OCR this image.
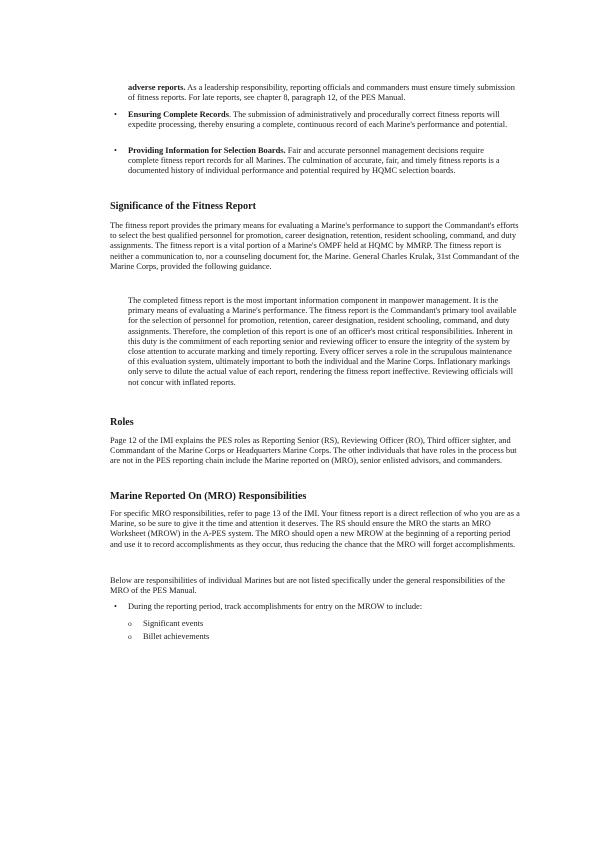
adverse reports. As a leadership responsibility, reporting officials and commanders must ensure timely submission of fitness reports. For late reports, see chapter 8, paragraph 12, of the PES Manual.

• Ensuring Complete Records. The submission of administratively and procedurally correct fitness reports will expedite processing, thereby ensuring a complete, continuous record of each Marine's performance and potential.

• Providing Information for Selection Boards. Fair and accurate personnel management decisions require complete fitness report records for all Marines. The culmination of accurate, fair, and timely fitness reports is a documented history of individual performance and potential required by HQMC selection boards.

Significance of the Fitness Report

The fitness report provides the primary means for evaluating a Marine's performance to support the Commandant's efforts to select the best qualified personnel for promotion, career designation, retention, resident schooling, command, and duty assignments. The fitness report is a vital portion of a Marine's OMPF held at HQMC by MMRP. The fitness report is neither a communication to, nor a counseling document for, the Marine. General Charles Krulak, 31st Commandant of the Marine Corps, provided the following guidance.

The completed fitness report is the most important information component in manpower management. It is the primary means of evaluating a Marine's performance. The fitness report is the Commandant's primary tool available for the selection of personnel for promotion, retention, career designation, resident schooling, command, and duty assignments. Therefore, the completion of this report is one of an officer's most critical responsibilities. Inherent in this duty is the commitment of each reporting senior and reviewing officer to ensure the integrity of the system by close attention to accurate marking and timely reporting. Every officer serves a role in the scrupulous maintenance of this evaluation system, ultimately important to both the individual and the Marine Corps. Inflationary markings only serve to dilute the actual value of each report, rendering the fitness report ineffective. Reviewing officials will not concur with inflated reports.

Roles

Page 12 of the IMI explains the PES roles as Reporting Senior (RS), Reviewing Officer (RO), Third officer sighter, and Commandant of the Marine Corps or Headquarters Marine Corps. The other individuals that have roles in the process but are not in the PES reporting chain include the Marine reported on (MRO), senior enlisted advisors, and commanders.

Marine Reported On (MRO) Responsibilities

For specific MRO responsibilities, refer to page 13 of the IMI. Your fitness report is a direct reflection of who you are as a Marine, so be sure to give it the time and attention it deserves. The RS should ensure the MRO the starts an MRO Worksheet (MROW) in the A-PES system. The MRO should open a new MROW at the beginning of a reporting period and use it to record accomplishments as they occur, thus reducing the chance that the MRO will forget accomplishments.

Below are responsibilities of individual Marines but are not listed specifically under the general responsibilities of the MRO of the PES Manual.

• During the reporting period, track accomplishments for entry on the MROW to include:

o Significant events

o Billet achievements
